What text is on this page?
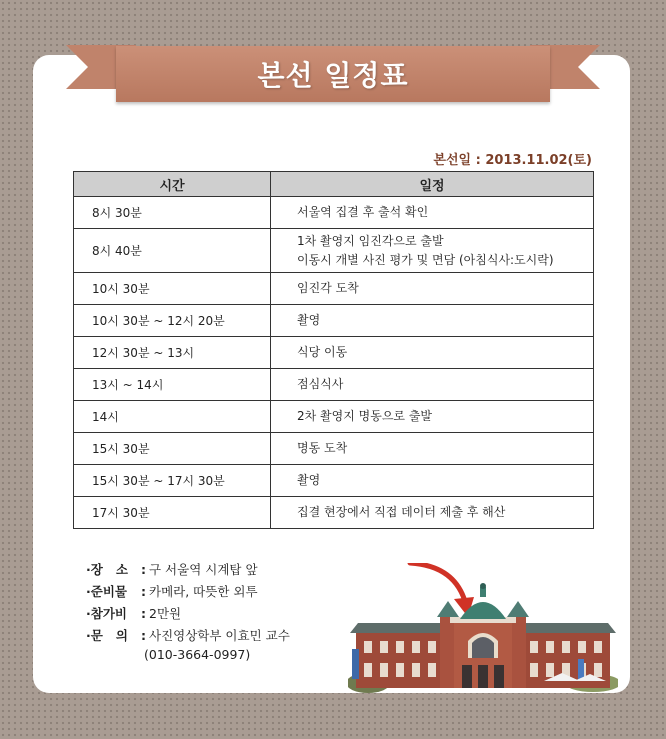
본선 일정표
본선일 : 2013.11.02(토)
시간	일정
8시 30분	서울역 집결 후 출석 확인
8시 40분	1차 촬영지 임진각으로 출발
이동시 개별 사진 평가 및 면담 (아침식사:도시락)

10시 30분	임진각 도착
10시 30분 ~ 12시 20분	촬영
12시 30분 ~ 13시	식당 이동
13시 ~ 14시	점심식사
14시	2차 촬영지 명동으로 출발
15시 30분	명동 도착
15시 30분 ~ 17시 30분	촬영
17시 30분	집결 현장에서 직접 데이터 제출 후 해산
·장   소	: 구 서울역 시계탑 앞
·준비물	: 카메라, 따뜻한 외투
·참가비	: 2만원
·문   의	: 사진영상학부 이효민 교수
(010-3664-0997)
